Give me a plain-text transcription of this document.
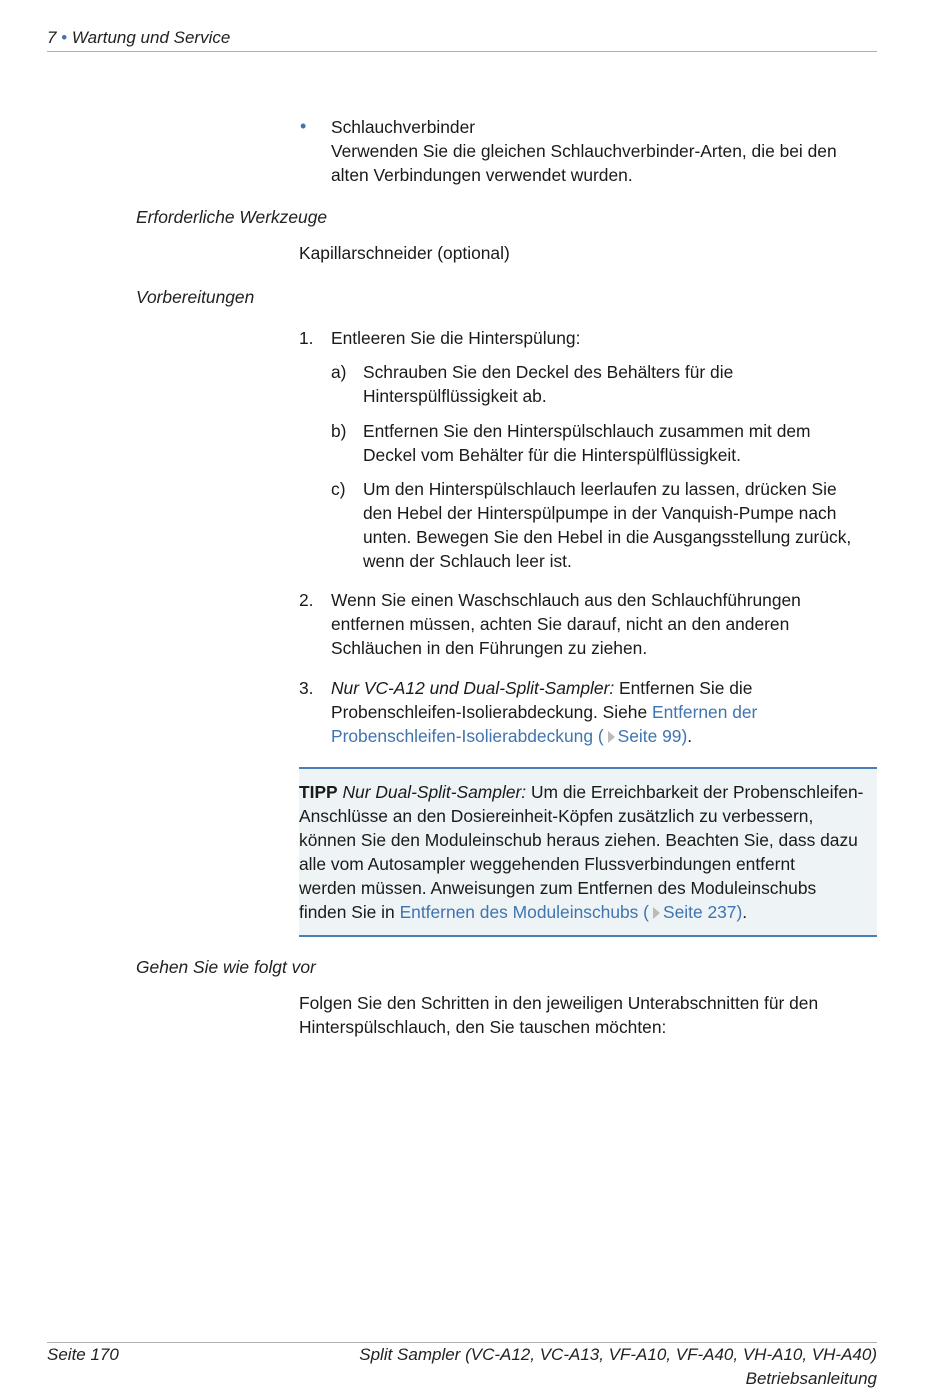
7 • Wartung und Service
• Schlauchverbinder
Verwenden Sie die gleichen Schlauchverbinder-Arten, die bei den
alten Verbindungen verwendet wurden.
Erforderliche Werkzeuge
Kapillarschneider (optional)
Vorbereitungen
1. Entleeren Sie die Hinterspülung:
a) Schrauben Sie den Deckel des Behälters für die
Hinterspülflüssigkeit ab.
b) Entfernen Sie den Hinterspülschlauch zusammen mit dem
Deckel vom Behälter für die Hinterspülflüssigkeit.
c) Um den Hinterspülschlauch leerlaufen zu lassen, drücken Sie
den Hebel der Hinterspülpumpe in der Vanquish-Pumpe nach
unten. Bewegen Sie den Hebel in die Ausgangsstellung zurück,
wenn der Schlauch leer ist.
2. Wenn Sie einen Waschschlauch aus den Schlauchführungen
entfernen müssen, achten Sie darauf, nicht an den anderen
Schläuchen in den Führungen zu ziehen.
3. Nur VC-A12 und Dual-Split-Sampler: Entfernen Sie die
Probenschleifen-Isolierabdeckung. Siehe Entfernen der
Probenschleifen-Isolierabdeckung ( Seite 99).
TIPP Nur Dual-Split-Sampler: Um die Erreichbarkeit der Probenschleifen-
Anschlüsse an den Dosiereinheit-Köpfen zusätzlich zu verbessern,
können Sie den Moduleinschub heraus ziehen. Beachten Sie, dass dazu
alle vom Autosampler weggehenden Flussverbindungen entfernt
werden müssen. Anweisungen zum Entfernen des Moduleinschubs
finden Sie in Entfernen des Moduleinschubs ( Seite 237).
Gehen Sie wie folgt vor
Folgen Sie den Schritten in den jeweiligen Unterabschnitten für den
Hinterspülschlauch, den Sie tauschen möchten:
Seite 170	Split Sampler (VC-A12, VC-A13, VF-A10, VF-A40, VH-A10, VH-A40)
Betriebsanleitung
